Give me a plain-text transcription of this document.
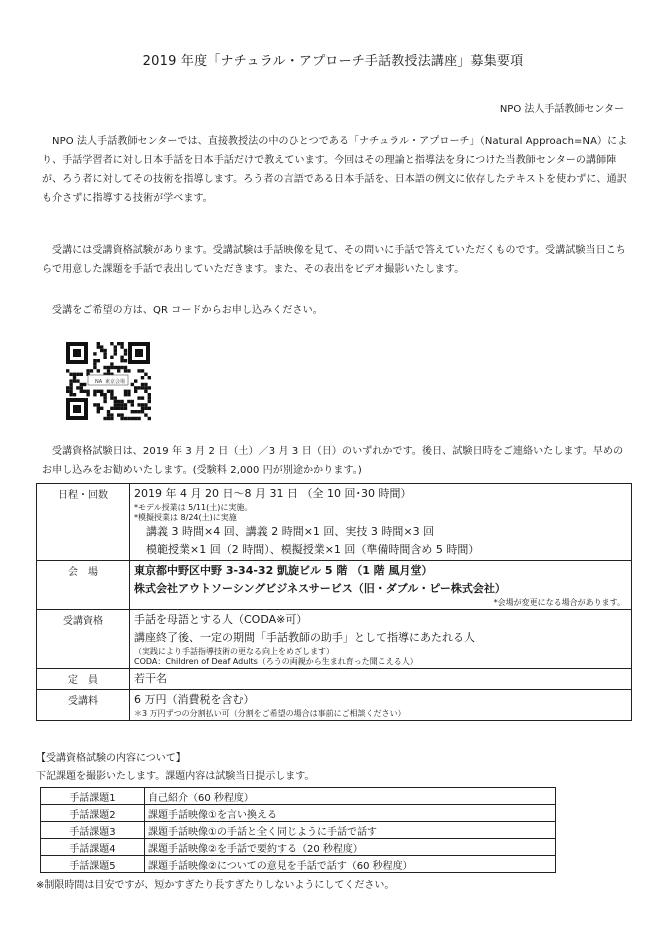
2019 年度「ナチュラル・アプローチ手話教授法講座」募集要項
NPO 法人手話教師センター

NPO 法人手話教師センターでは、直接教授法の中のひとつである「ナチュラル・アプローチ」（Natural Approach=NA）により、手話学習者に対し日本手話を日本手話だけで教えています。今回はその理論と指導法を身につけた当教師センターの講師陣が、ろう者に対してその技術を指導します。ろう者の言語である日本手話を、日本語の例文に依存したテキストを使わずに、通訳も介さずに指導する技術が学べます。

受講には受講資格試験があります。受講試験は手話映像を見て、その問いに手話で答えていただくものです。受講試験当日こちらで用意した課題を手話で表出していただきます。また、その表出をビデオ撮影いたします。

受講をご希望の方は、QR コードからお申し込みください。

NA 東京会場

受講資格試験日は、2019 年 3 月 2 日（土）／3 月 3 日（日）のいずれかです。後日、試験日時をご連絡いたします。早めのお申し込みをお勧めいたします。(受験料 2,000 円が別途かかります。)

日程・回数	2019 年 4 月 20 日～8 月 31 日 （全 10 回･30 時間）
*モデル授業は 5/11(土)に実施。
*模擬授業は 8/24(土)に実施
講義 3 時間×4 回、講義 2 時間×1 回、実技 3 時間×3 回
模範授業×1 回（2 時間）、模擬授業×1 回（準備時間含め 5 時間）

会　場	東京都中野区中野 3-34-32 凱旋ビル 5 階 （1 階 風月堂）
株式会社アウトソーシングビジネスサービス（旧・ダブル・ピー株式会社）
*会場が変更になる場合があります。

受講資格	手話を母語とする人（CODA※可）
講座終了後、一定の期間「手話教師の助手」として指導にあたれる人
（実践により手話指導技術の更なる向上をめざします）
CODA：Children of Deaf Adults（ろうの両親から生まれ育った聞こえる人）

定　員	若干名

受講料	6 万円（消費税を含む）
＊3 万円ずつの分割払い可（分割をご希望の場合は事前にご相談ください）
【受講資格試験の内容について】
下記課題を撮影いたします。課題内容は試験当日提示します。
手話課題1	自己紹介（60 秒程度）
手話課題2	課題手話映像①を言い換える
手話課題3	課題手話映像①の手話と全く同じように手話で話す
手話課題4	課題手話映像②を手話で要約する（20 秒程度）
手話課題5	課題手話映像②についての意見を手話で話す（60 秒程度）
※制限時間は目安ですが、短かすぎたり長すぎたりしないようにしてください。
